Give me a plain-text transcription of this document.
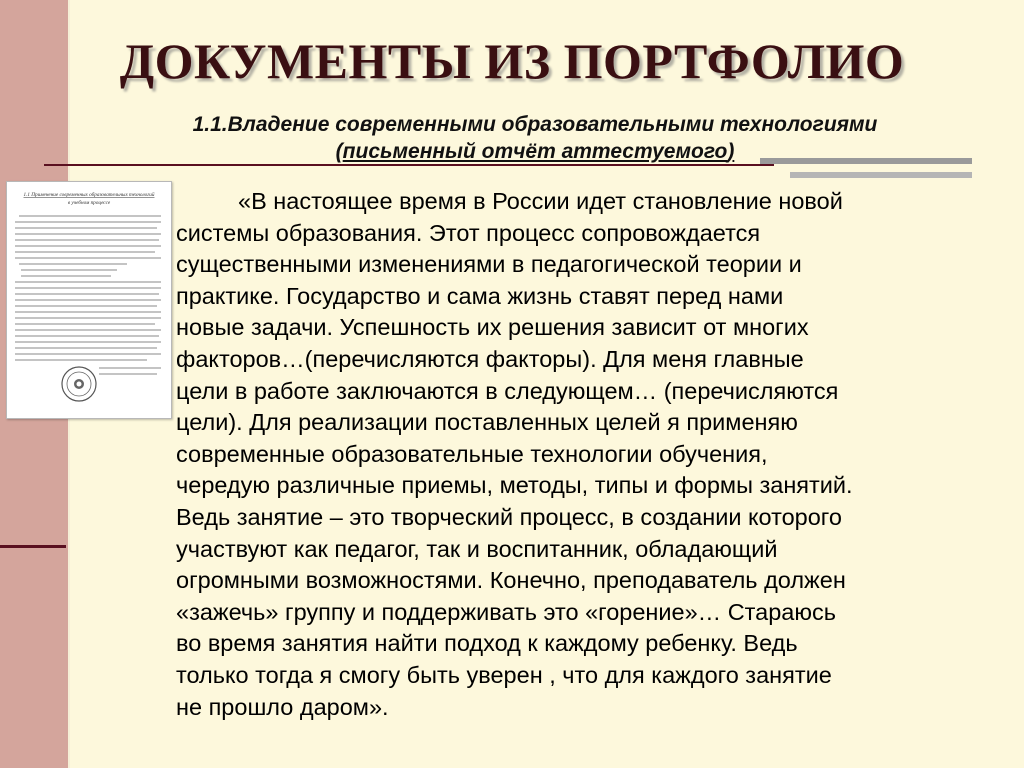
ДОКУМЕНТЫ ИЗ ПОРТФОЛИО
1.1.Владение современными образовательными технологиями
(письменный отчёт аттестуемого)
1.1 Применение современных образовательных технологий
в учебном процессе	«В настоящее время в России идет становление новой
системы образования. Этот процесс сопровождается
существенными изменениями в педагогической теории и
практике. Государство и сама жизнь ставят перед нами
новые задачи. Успешность их решения зависит от многих
факторов…(перечисляются факторы). Для меня главные
цели в работе заключаются в следующем… (перечисляются
цели). Для реализации поставленных целей я применяю
современные образовательные технологии обучения,
чередую различные приемы, методы, типы и формы занятий.
Ведь занятие – это творческий процесс, в создании которого
участвуют как педагог, так и воспитанник, обладающий
огромными возможностями. Конечно, преподаватель должен
«зажечь» группу и поддерживать это «горение»… Стараюсь
во время занятия найти подход к каждому ребенку. Ведь
только тогда я смогу быть уверен , что для каждого занятие
не прошло даром».
